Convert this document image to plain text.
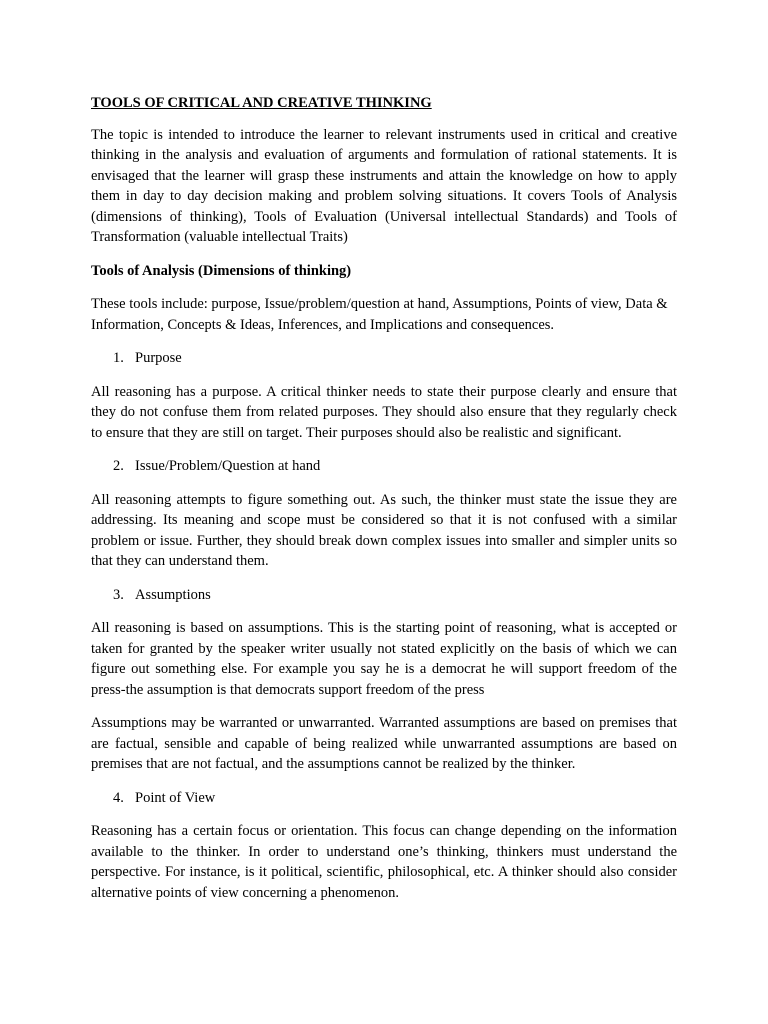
TOOLS OF CRITICAL AND CREATIVE THINKING

The topic is intended to introduce the learner to relevant instruments used in critical and creative thinking in the analysis and evaluation of arguments and formulation of rational statements. It is envisaged that the learner will grasp these instruments and attain the knowledge on how to apply them in day to day decision making and problem solving situations. It covers Tools of Analysis (dimensions of thinking), Tools of Evaluation (Universal intellectual Standards) and Tools of Transformation (valuable intellectual Traits)

Tools of Analysis (Dimensions of thinking)

These tools include: purpose, Issue/problem/question at hand, Assumptions, Points of view, Data & Information, Concepts & Ideas, Inferences, and Implications and consequences.

1. Purpose

All reasoning has a purpose. A critical thinker needs to state their purpose clearly and ensure that they do not confuse them from related purposes. They should also ensure that they regularly check to ensure that they are still on target. Their purposes should also be realistic and significant.

2. Issue/Problem/Question at hand

All reasoning attempts to figure something out. As such, the thinker must state the issue they are addressing. Its meaning and scope must be considered so that it is not confused with a similar problem or issue. Further, they should break down complex issues into smaller and simpler units so that they can understand them.

3. Assumptions

All reasoning is based on assumptions. This is the starting point of reasoning, what is accepted or taken for granted by the speaker writer usually not stated explicitly on the basis of which we can figure out something else. For example you say he is a democrat he will support freedom of the press-the assumption is that democrats support freedom of the press

Assumptions may be warranted or unwarranted. Warranted assumptions are based on premises that are factual, sensible and capable of being realized while unwarranted assumptions are based on premises that are not factual, and the assumptions cannot be realized by the thinker.

4. Point of View

Reasoning has a certain focus or orientation. This focus can change depending on the information available to the thinker. In order to understand one’s thinking, thinkers must understand the perspective. For instance, is it political, scientific, philosophical, etc. A thinker should also consider alternative points of view concerning a phenomenon.
